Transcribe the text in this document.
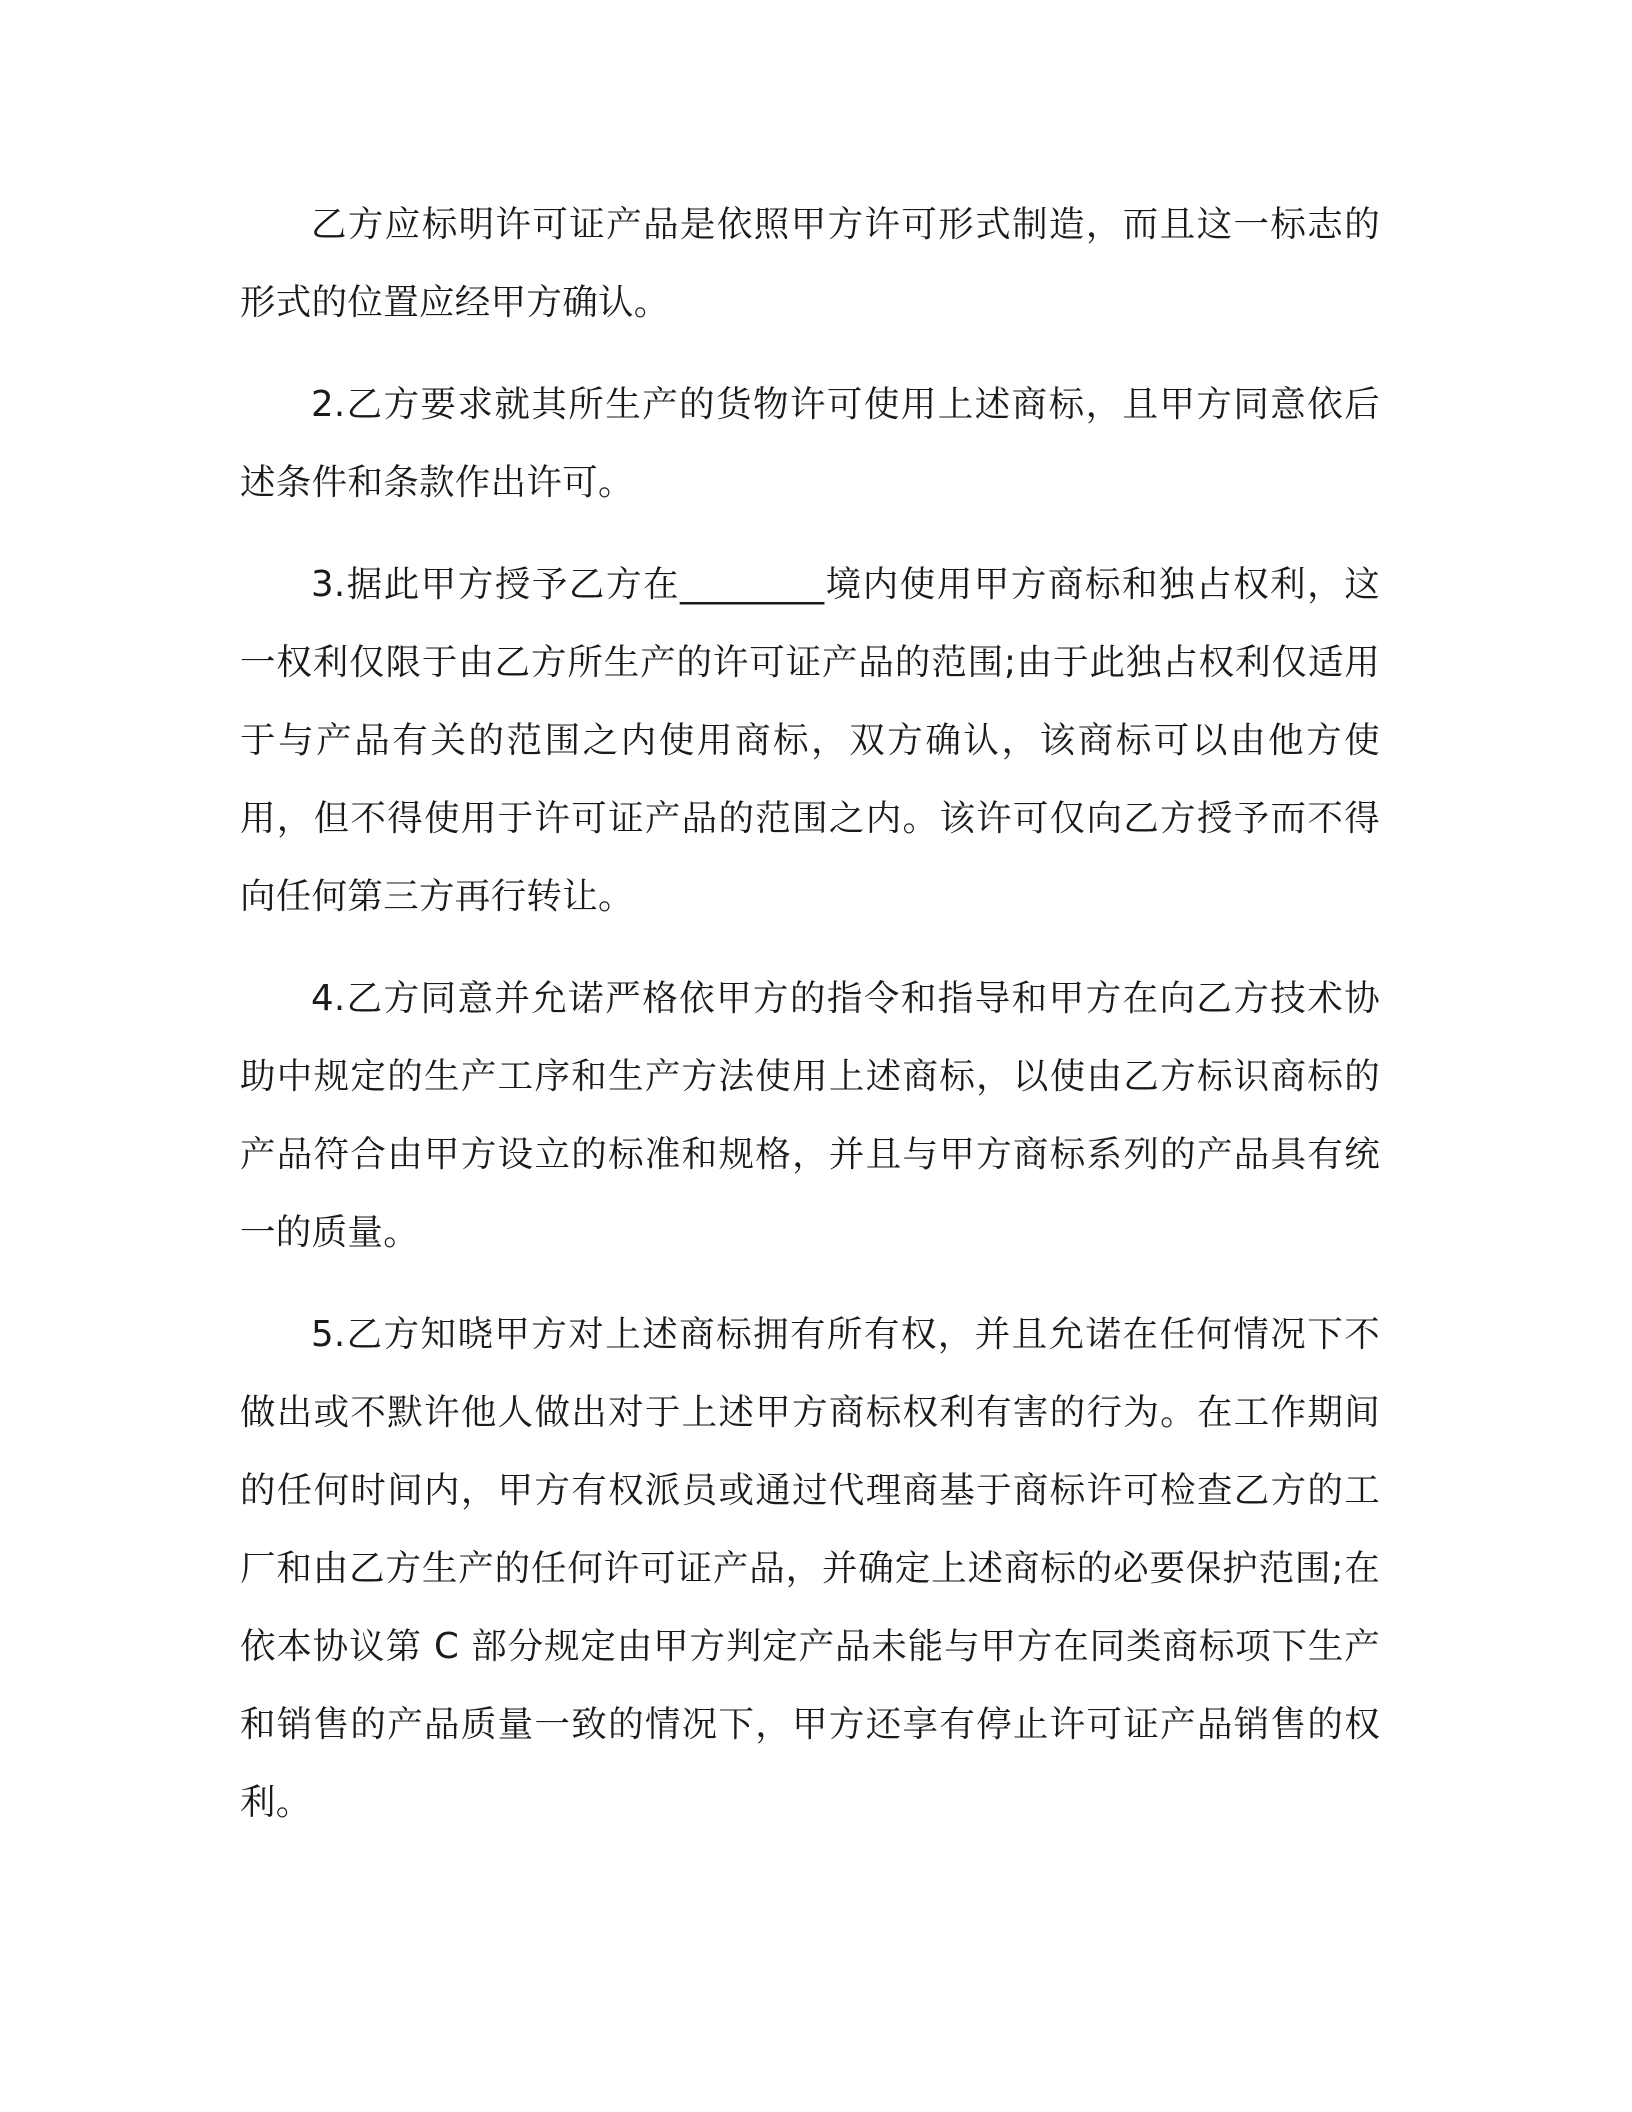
乙方应标明许可证产品是依照甲方许可形式制造，而且这一标志的形式的位置应经甲方确认。

2.乙方要求就其所生产的货物许可使用上述商标，且甲方同意依后述条件和条款作出许可。

3.据此甲方授予乙方在________境内使用甲方商标和独占权利，这一权利仅限于由乙方所生产的许可证产品的范围;由于此独占权利仅适用于与产品有关的范围之内使用商标，双方确认，该商标可以由他方使用，但不得使用于许可证产品的范围之内。该许可仅向乙方授予而不得向任何第三方再行转让。

4.乙方同意并允诺严格依甲方的指令和指导和甲方在向乙方技术协助中规定的生产工序和生产方法使用上述商标，以使由乙方标识商标的产品符合由甲方设立的标准和规格，并且与甲方商标系列的产品具有统一的质量。

5.乙方知晓甲方对上述商标拥有所有权，并且允诺在任何情况下不做出或不默许他人做出对于上述甲方商标权利有害的行为。在工作期间的任何时间内，甲方有权派员或通过代理商基于商标许可检查乙方的工厂和由乙方生产的任何许可证产品，并确定上述商标的必要保护范围;在依本协议第 C 部分规定由甲方判定产品未能与甲方在同类商标项下生产和销售的产品质量一致的情况下，甲方还享有停止许可证产品销售的权利。
